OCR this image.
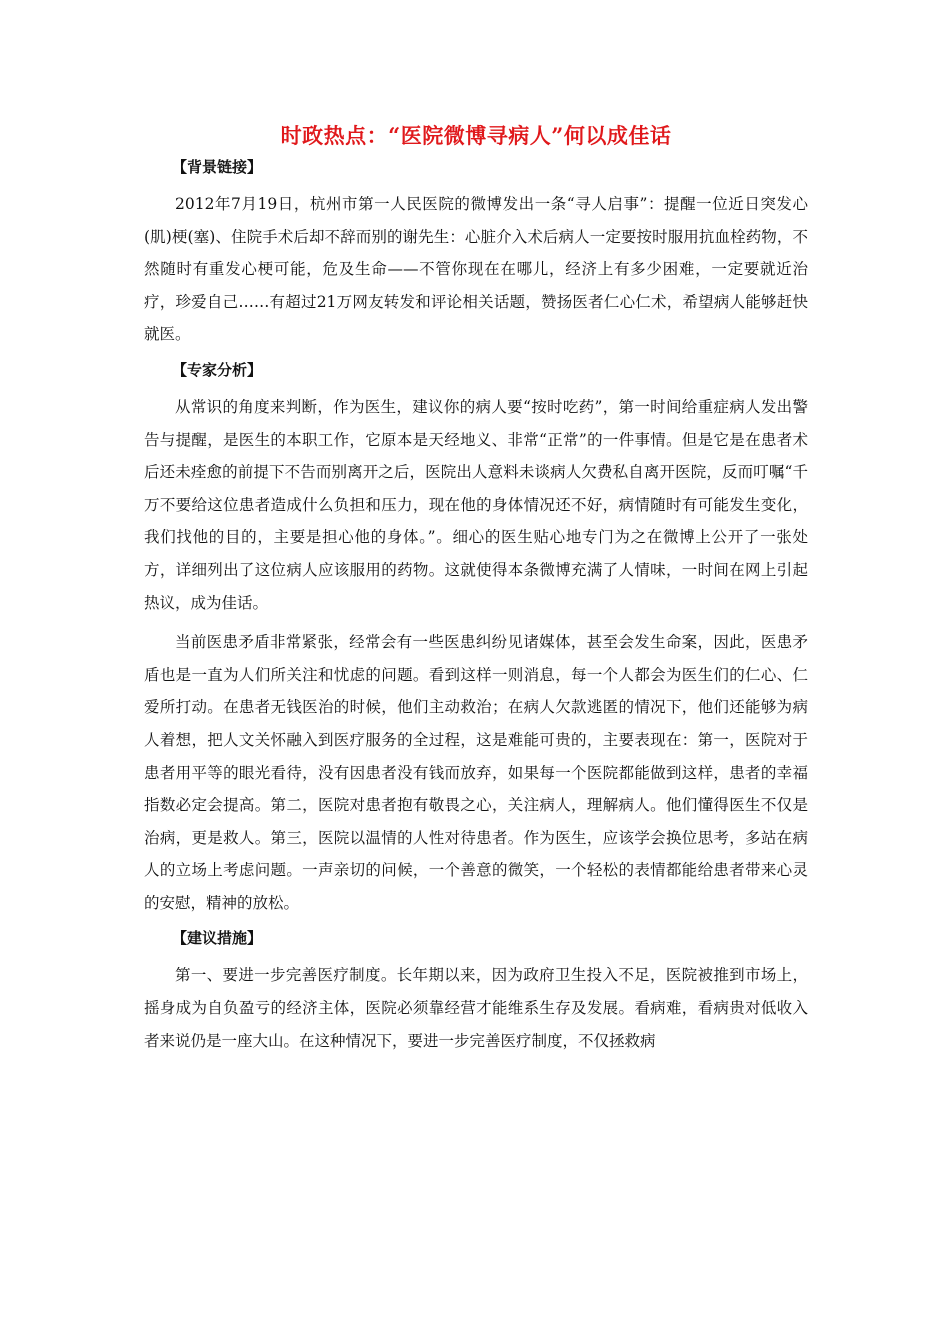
时政热点：“医院微博寻病人”何以成佳话
【背景链接】

2012年7月19日，杭州市第一人民医院的微博发出一条“寻人启事”：提醒一位近日突发心(肌)梗(塞)、住院手术后却不辞而别的谢先生：心脏介入术后病人一定要按时服用抗血栓药物，不然随时有重发心梗可能，危及生命——不管你现在在哪儿，经济上有多少困难，一定要就近治疗，珍爱自己……有超过21万网友转发和评论相关话题，赞扬医者仁心仁术，希望病人能够赶快就医。

【专家分析】

从常识的角度来判断，作为医生，建议你的病人要“按时吃药”，第一时间给重症病人发出警告与提醒，是医生的本职工作，它原本是天经地义、非常“正常”的一件事情。但是它是在患者术后还未痊愈的前提下不告而别离开之后，医院出人意料未谈病人欠费私自离开医院，反而叮嘱“千万不要给这位患者造成什么负担和压力，现在他的身体情况还不好，病情随时有可能发生变化，我们找他的目的，主要是担心他的身体。”。细心的医生贴心地专门为之在微博上公开了一张处方，详细列出了这位病人应该服用的药物。这就使得本条微博充满了人情味，一时间在网上引起热议，成为佳话。

当前医患矛盾非常紧张，经常会有一些医患纠纷见诸媒体，甚至会发生命案，因此，医患矛盾也是一直为人们所关注和忧虑的问题。看到这样一则消息，每一个人都会为医生们的仁心、仁爱所打动。在患者无钱医治的时候，他们主动救治；在病人欠款逃匿的情况下，他们还能够为病人着想，把人文关怀融入到医疗服务的全过程，这是难能可贵的，主要表现在：第一，医院对于患者用平等的眼光看待，没有因患者没有钱而放弃，如果每一个医院都能做到这样，患者的幸福指数必定会提高。第二，医院对患者抱有敬畏之心，关注病人，理解病人。他们懂得医生不仅是治病，更是救人。第三，医院以温情的人性对待患者。作为医生，应该学会换位思考，多站在病人的立场上考虑问题。一声亲切的问候，一个善意的微笑，一个轻松的表情都能给患者带来心灵的安慰，精神的放松。

【建议措施】

第一、要进一步完善医疗制度。长年期以来，因为政府卫生投入不足，医院被推到市场上，摇身成为自负盈亏的经济主体，医院必须靠经营才能维系生存及发展。看病难，看病贵对低收入者来说仍是一座大山。在这种情况下，要进一步完善医疗制度，不仅拯救病
